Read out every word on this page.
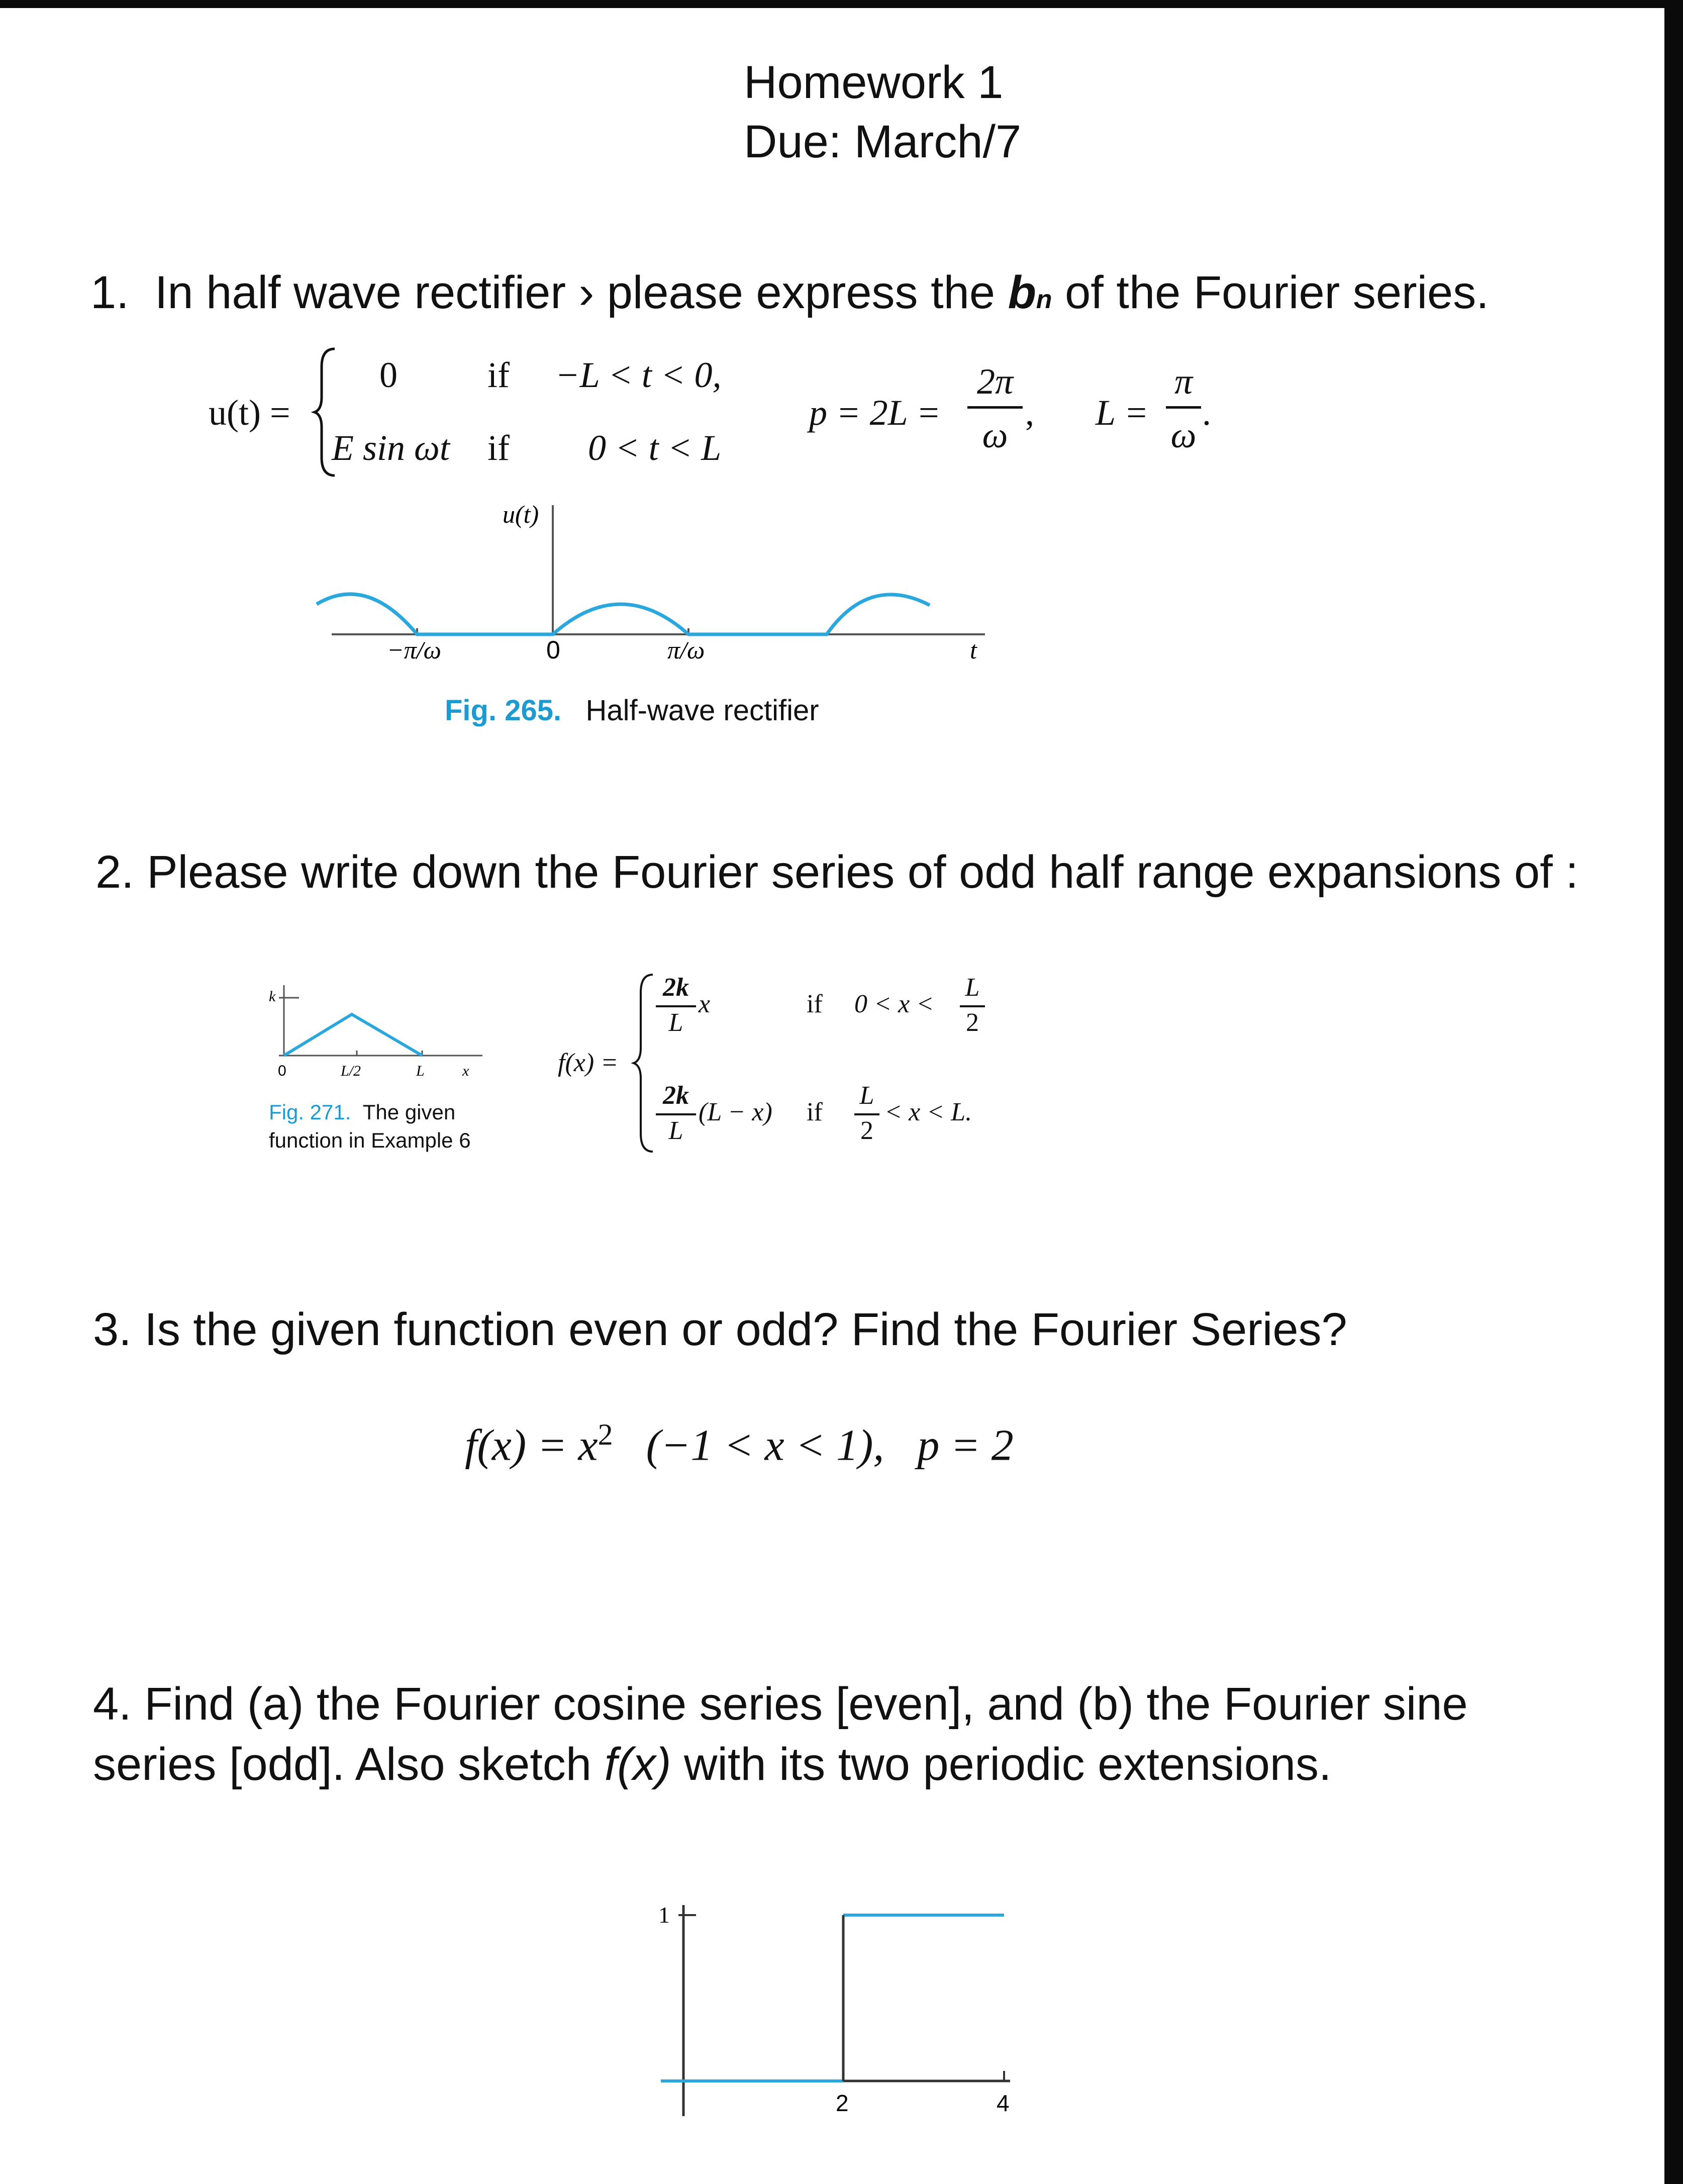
Homework 1
Due: March/7
1. In half wave rectifier › please express the bn of the Fourier series.
u(t) =
0 if −L < t < 0,
E sin ωt if 0 < t < L
p = 2L =
2π
ω
, L =
π
ω
.
u(t)
−π/ω	0	π/ω	t
Fig. 265. Half-wave rectifier
2. Please write down the Fourier series of odd half range expansions of :
k
0	L/2	L	x
Fig. 271. The given
function in Example 6
f(x) =
2k
L
x	if 0 < x <
L
2
2k
L
(L − x) if
L
2
< x < L.
3. Is the given function even or odd? Find the Fourier Series?
$f(x) = x^2$ (−1 < x < 1), p = 2
4. Find (a) the Fourier cosine series [even], and (b) the Fourier sine
series [odd]. Also sketch f(x) with its two periodic extensions.
1
2	4
